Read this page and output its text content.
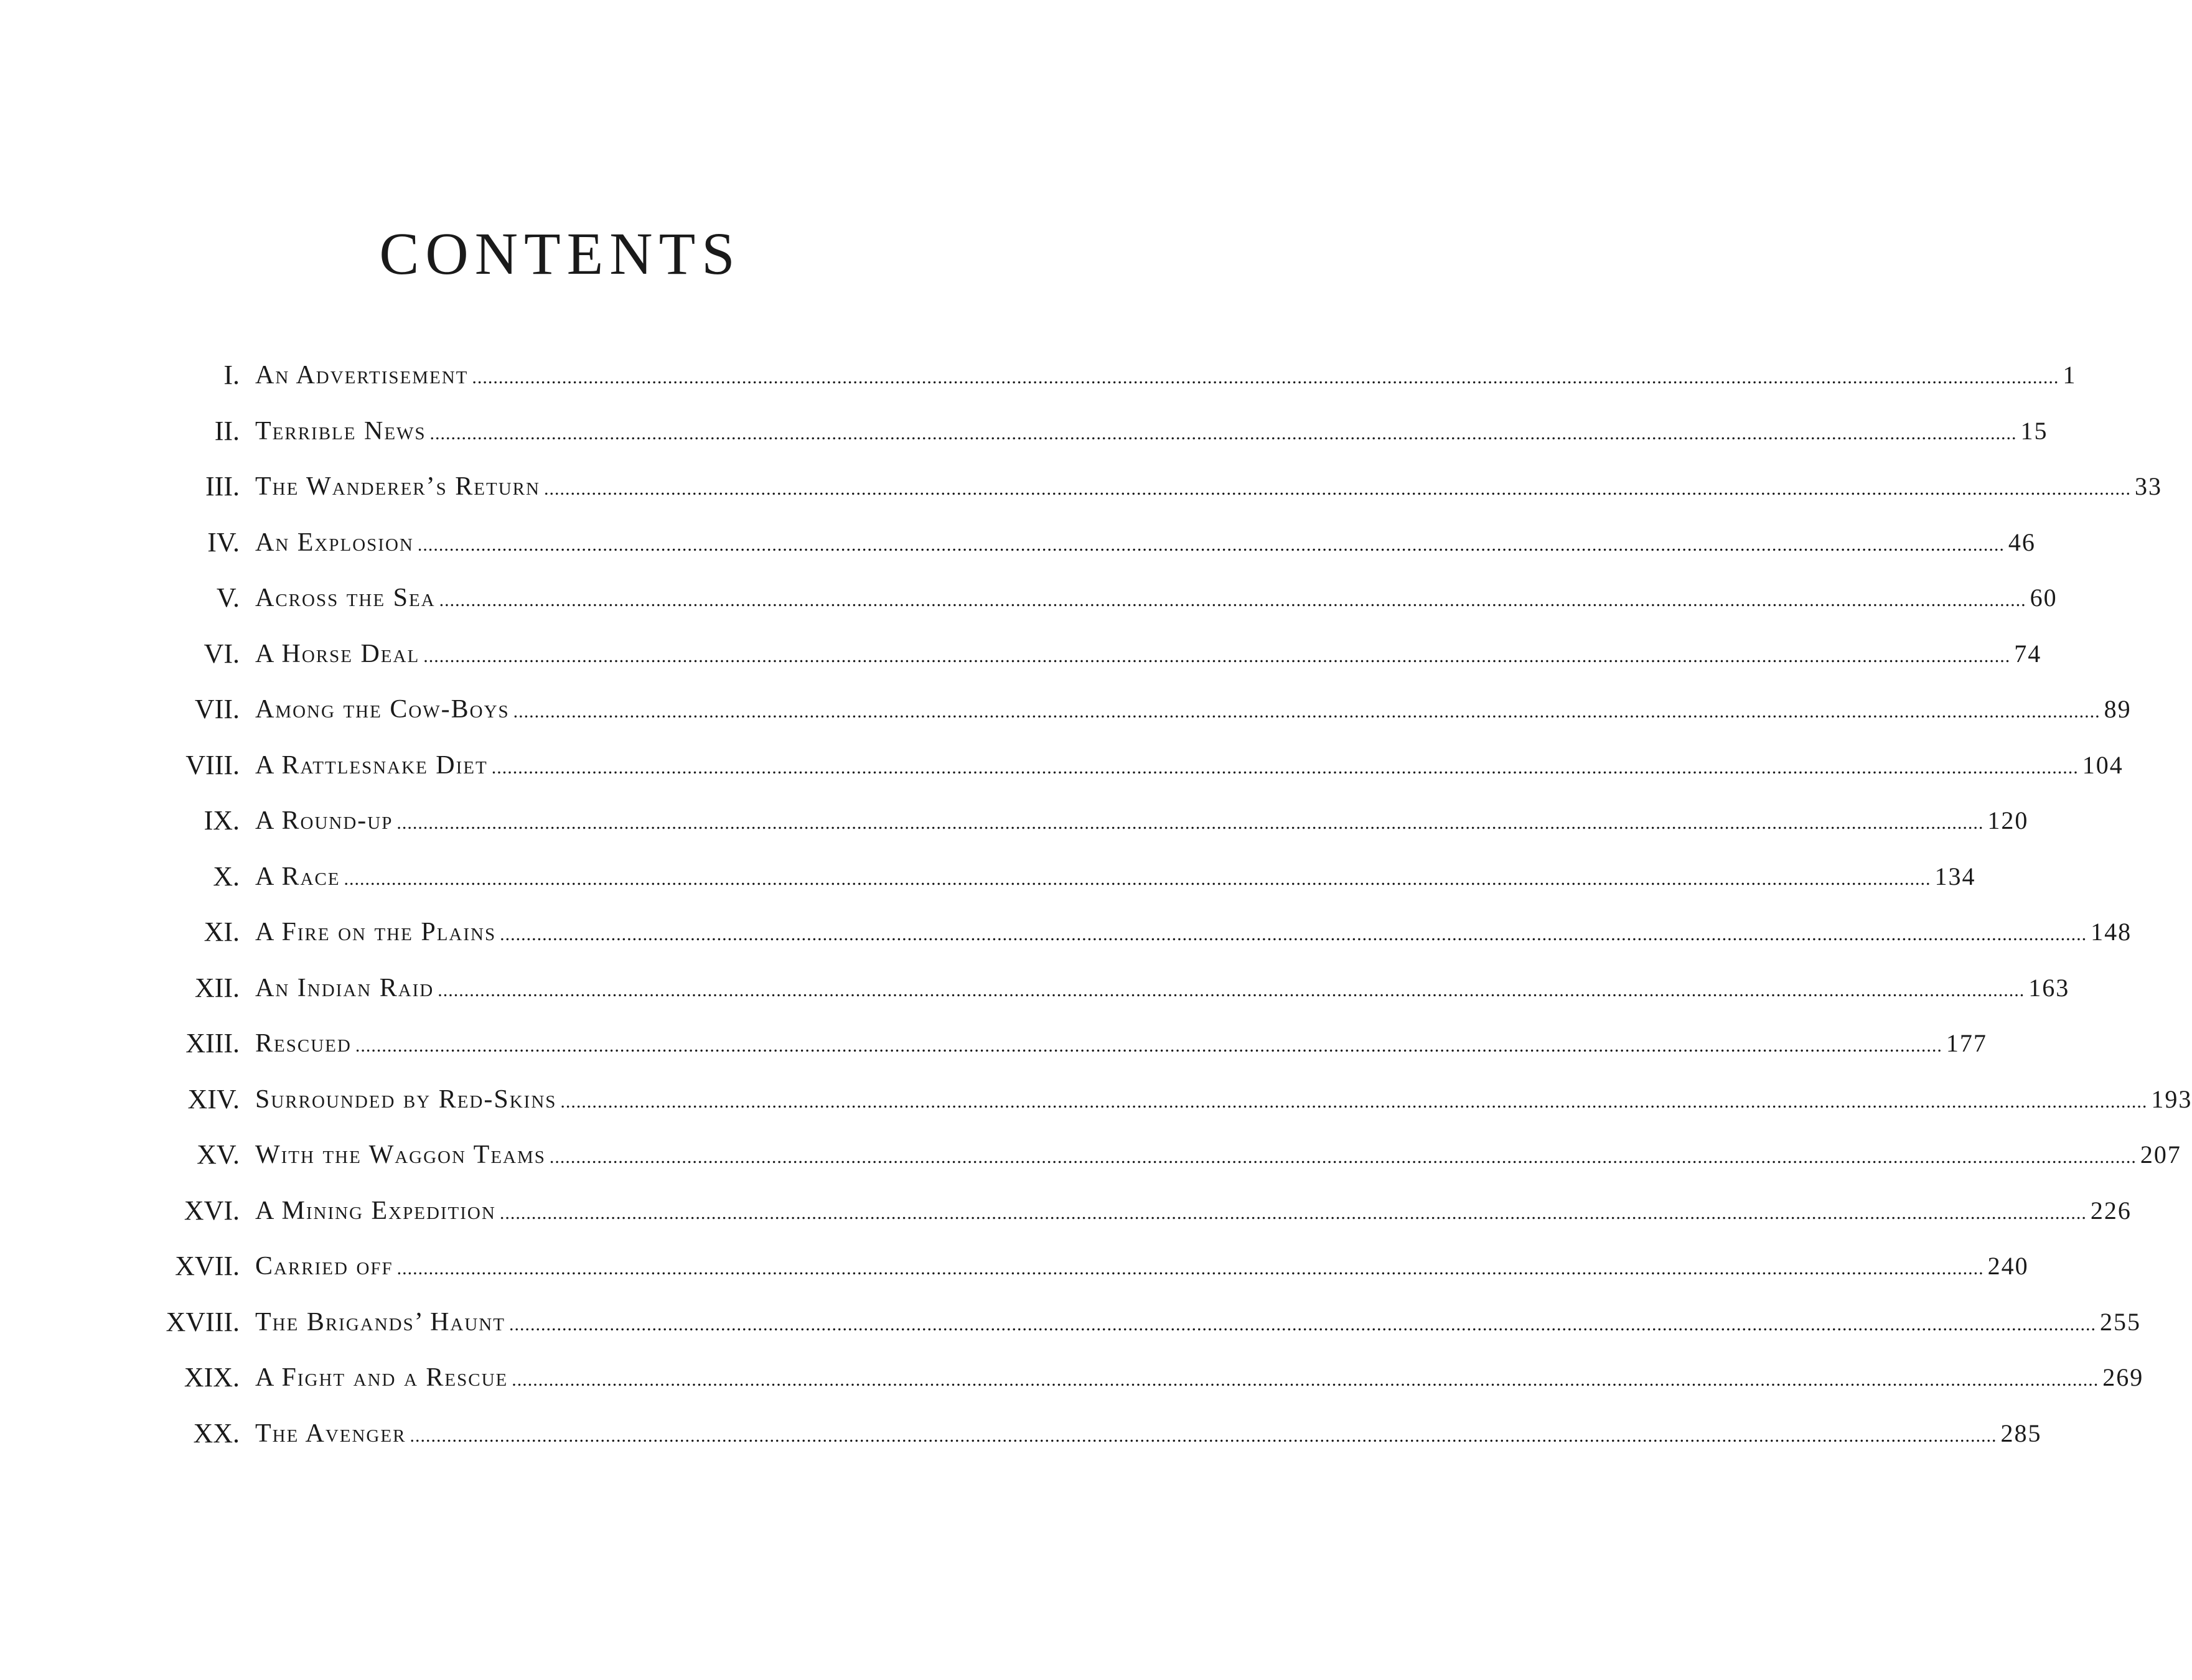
CONTENTS
I. An Advertisement ............................................................................................................................................................................................................................................................................................................ 1
II. Terrible News ............................................................................................................................................................................................................................................................................................................ 15
III. The Wanderer’s Return ............................................................................................................................................................................................................................................................................................................ 33
IV. An Explosion ............................................................................................................................................................................................................................................................................................................ 46
V. Across the Sea ............................................................................................................................................................................................................................................................................................................ 60
VI. A Horse Deal ............................................................................................................................................................................................................................................................................................................ 74
VII. Among the Cow-Boys ............................................................................................................................................................................................................................................................................................................ 89
VIII. A Rattlesnake Diet ............................................................................................................................................................................................................................................................................................................ 104
IX. A Round-up ............................................................................................................................................................................................................................................................................................................ 120
X. A Race ............................................................................................................................................................................................................................................................................................................ 134
XI. A Fire on the Plains ............................................................................................................................................................................................................................................................................................................ 148
XII. An Indian Raid ............................................................................................................................................................................................................................................................................................................ 163
XIII. Rescued ............................................................................................................................................................................................................................................................................................................ 177
XIV. Surrounded by Red-Skins ............................................................................................................................................................................................................................................................................................................ 193
XV. With the Waggon Teams ............................................................................................................................................................................................................................................................................................................ 207
XVI. A Mining Expedition ............................................................................................................................................................................................................................................................................................................ 226
XVII. Carried off ............................................................................................................................................................................................................................................................................................................ 240
XVIII. The Brigands’ Haunt ............................................................................................................................................................................................................................................................................................................ 255
XIX. A Fight and a Rescue ............................................................................................................................................................................................................................................................................................................ 269
XX. The Avenger ............................................................................................................................................................................................................................................................................................................ 285
